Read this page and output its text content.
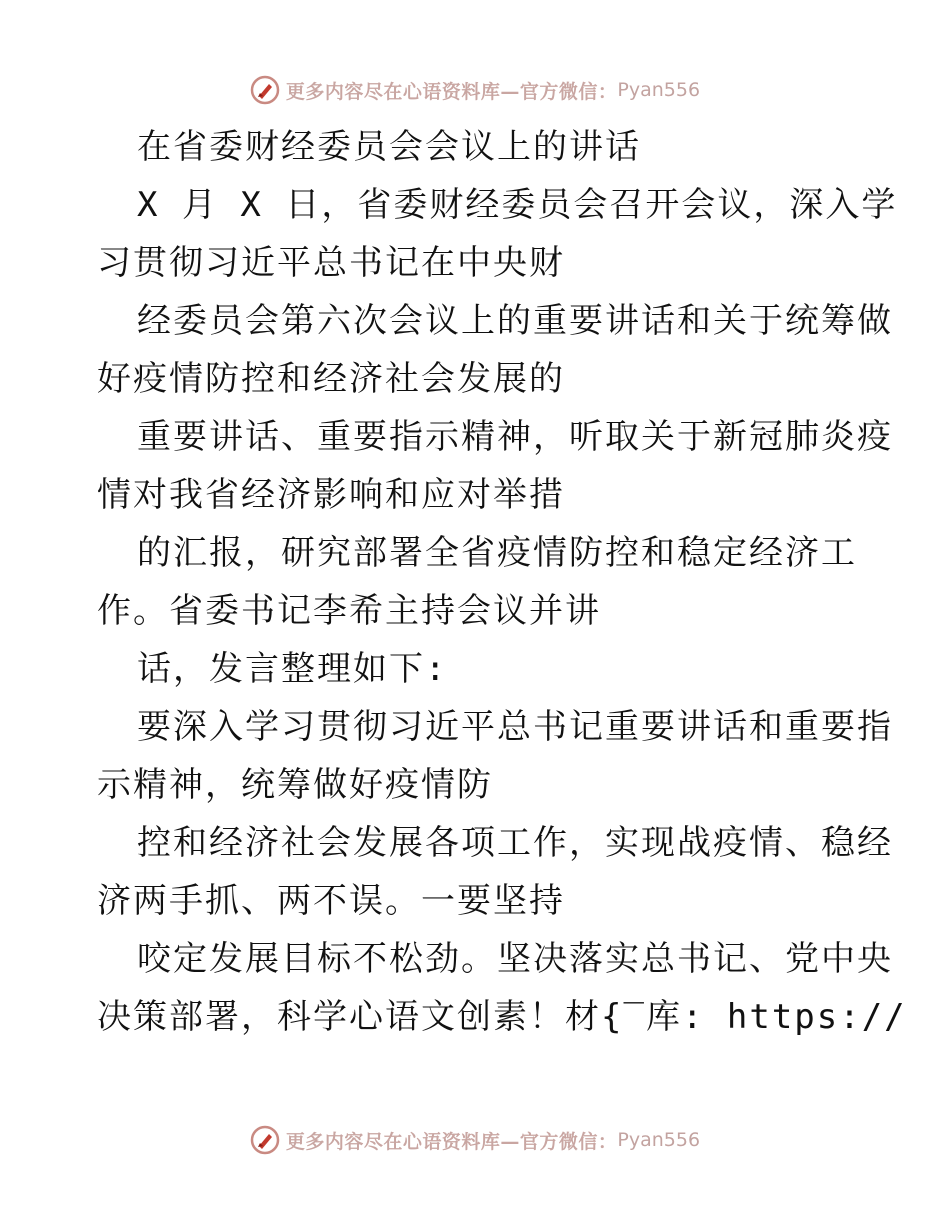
更多内容尽在心语资料库—官方微信： Pyan556
在省委财经委员会会议上的讲话
X 月 X 日，省委财经委员会召开会议，深入学
习贯彻习近平总书记在中央财
经委员会第六次会议上的重要讲话和关于统筹做
好疫情防控和经济社会发展的
重要讲话、重要指示精神，听取关于新冠肺炎疫
情对我省经济影响和应对举措
的汇报，研究部署全省疫情防控和稳定经济工
作。省委书记李希主持会议并讲
话，发言整理如下:
要深入学习贯彻习近平总书记重要讲话和重要指
示精神，统筹做好疫情防
控和经济社会发展各项工作，实现战疫情、稳经
济两手抓、两不误。一要坚持
咬定发展目标不松劲。坚决落实总书记、党中央
决策部署，科学心语文创素！材{‾库: https://
更多内容尽在心语资料库—官方微信： Pyan556
